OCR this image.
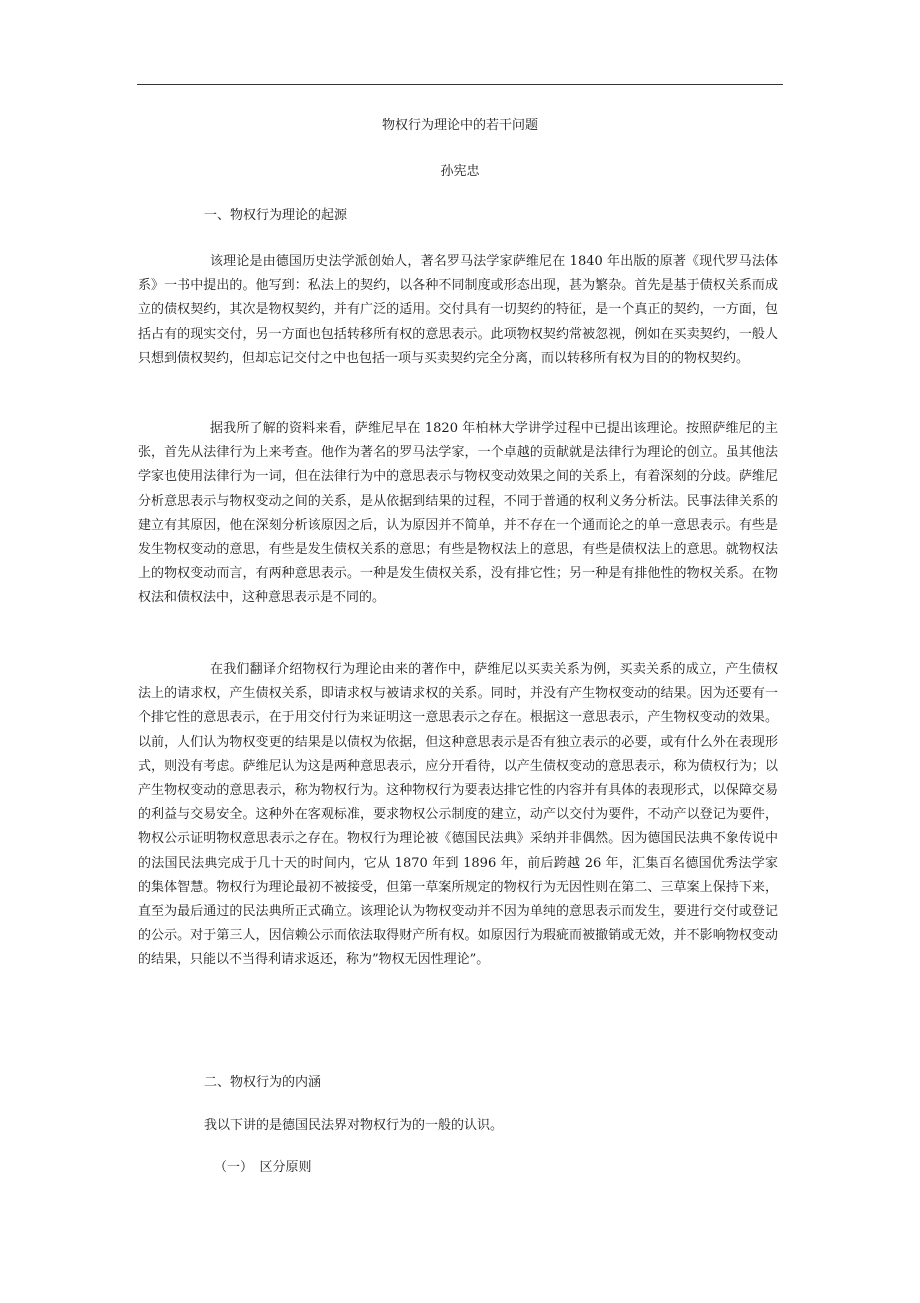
物权行为理论中的若干问题

孙宪忠

一、物权行为理论的起源

该理论是由德国历史法学派创始人，著名罗马法学家萨维尼在 1840 年出版的原著《现代罗马法体系》一书中提出的。他写到：私法上的契约，以各种不同制度或形态出现，甚为繁杂。首先是基于债权关系而成立的债权契约，其次是物权契约，并有广泛的适用。交付具有一切契约的特征，是一个真正的契约，一方面，包括占有的现实交付，另一方面也包括转移所有权的意思表示。此项物权契约常被忽视，例如在买卖契约，一般人只想到债权契约，但却忘记交付之中也包括一项与买卖契约完全分离，而以转移所有权为目的的物权契约。

据我所了解的资料来看，萨维尼早在 1820 年柏林大学讲学过程中已提出该理论。按照萨维尼的主张，首先从法律行为上来考查。他作为著名的罗马法学家，一个卓越的贡献就是法律行为理论的创立。虽其他法学家也使用法律行为一词，但在法律行为中的意思表示与物权变动效果之间的关系上，有着深刻的分歧。萨维尼分析意思表示与物权变动之间的关系，是从依据到结果的过程，不同于普通的权利义务分析法。民事法律关系的建立有其原因，他在深刻分析该原因之后，认为原因并不简单，并不存在一个通而论之的单一意思表示。有些是发生物权变动的意思，有些是发生债权关系的意思；有些是物权法上的意思，有些是债权法上的意思。就物权法上的物权变动而言，有两种意思表示。一种是发生债权关系，没有排它性；另一种是有排他性的物权关系。在物权法和债权法中，这种意思表示是不同的。

在我们翻译介绍物权行为理论由来的著作中，萨维尼以买卖关系为例，买卖关系的成立，产生债权法上的请求权，产生债权关系，即请求权与被请求权的关系。同时，并没有产生物权变动的结果。因为还要有一个排它性的意思表示，在于用交付行为来证明这一意思表示之存在。根据这一意思表示，产生物权变动的效果。以前，人们认为物权变更的结果是以债权为依据，但这种意思表示是否有独立表示的必要，或有什么外在表现形式，则没有考虑。萨维尼认为这是两种意思表示，应分开看待，以产生债权变动的意思表示，称为债权行为；以产生物权变动的意思表示，称为物权行为。这种物权行为要表达排它性的内容并有具体的表现形式，以保障交易的利益与交易安全。这种外在客观标准，要求物权公示制度的建立，动产以交付为要件，不动产以登记为要件，物权公示证明物权意思表示之存在。物权行为理论被《德国民法典》采纳并非偶然。因为德国民法典不象传说中的法国民法典完成于几十天的时间内，它从 1870 年到 1896 年，前后跨越 26 年，汇集百名德国优秀法学家的集体智慧。物权行为理论最初不被接受，但第一草案所规定的物权行为无因性则在第二、三草案上保持下来，直至为最后通过的民法典所正式确立。该理论认为物权变动并不因为单纯的意思表示而发生，要进行交付或登记的公示。对于第三人，因信赖公示而依法取得财产所有权。如原因行为瑕疵而被撤销或无效，并不影响物权变动的结果，只能以不当得利请求返还，称为”物权无因性理论”。

二、物权行为的内涵

我以下讲的是德国民法界对物权行为的一般的认识。

（一）　区分原则
